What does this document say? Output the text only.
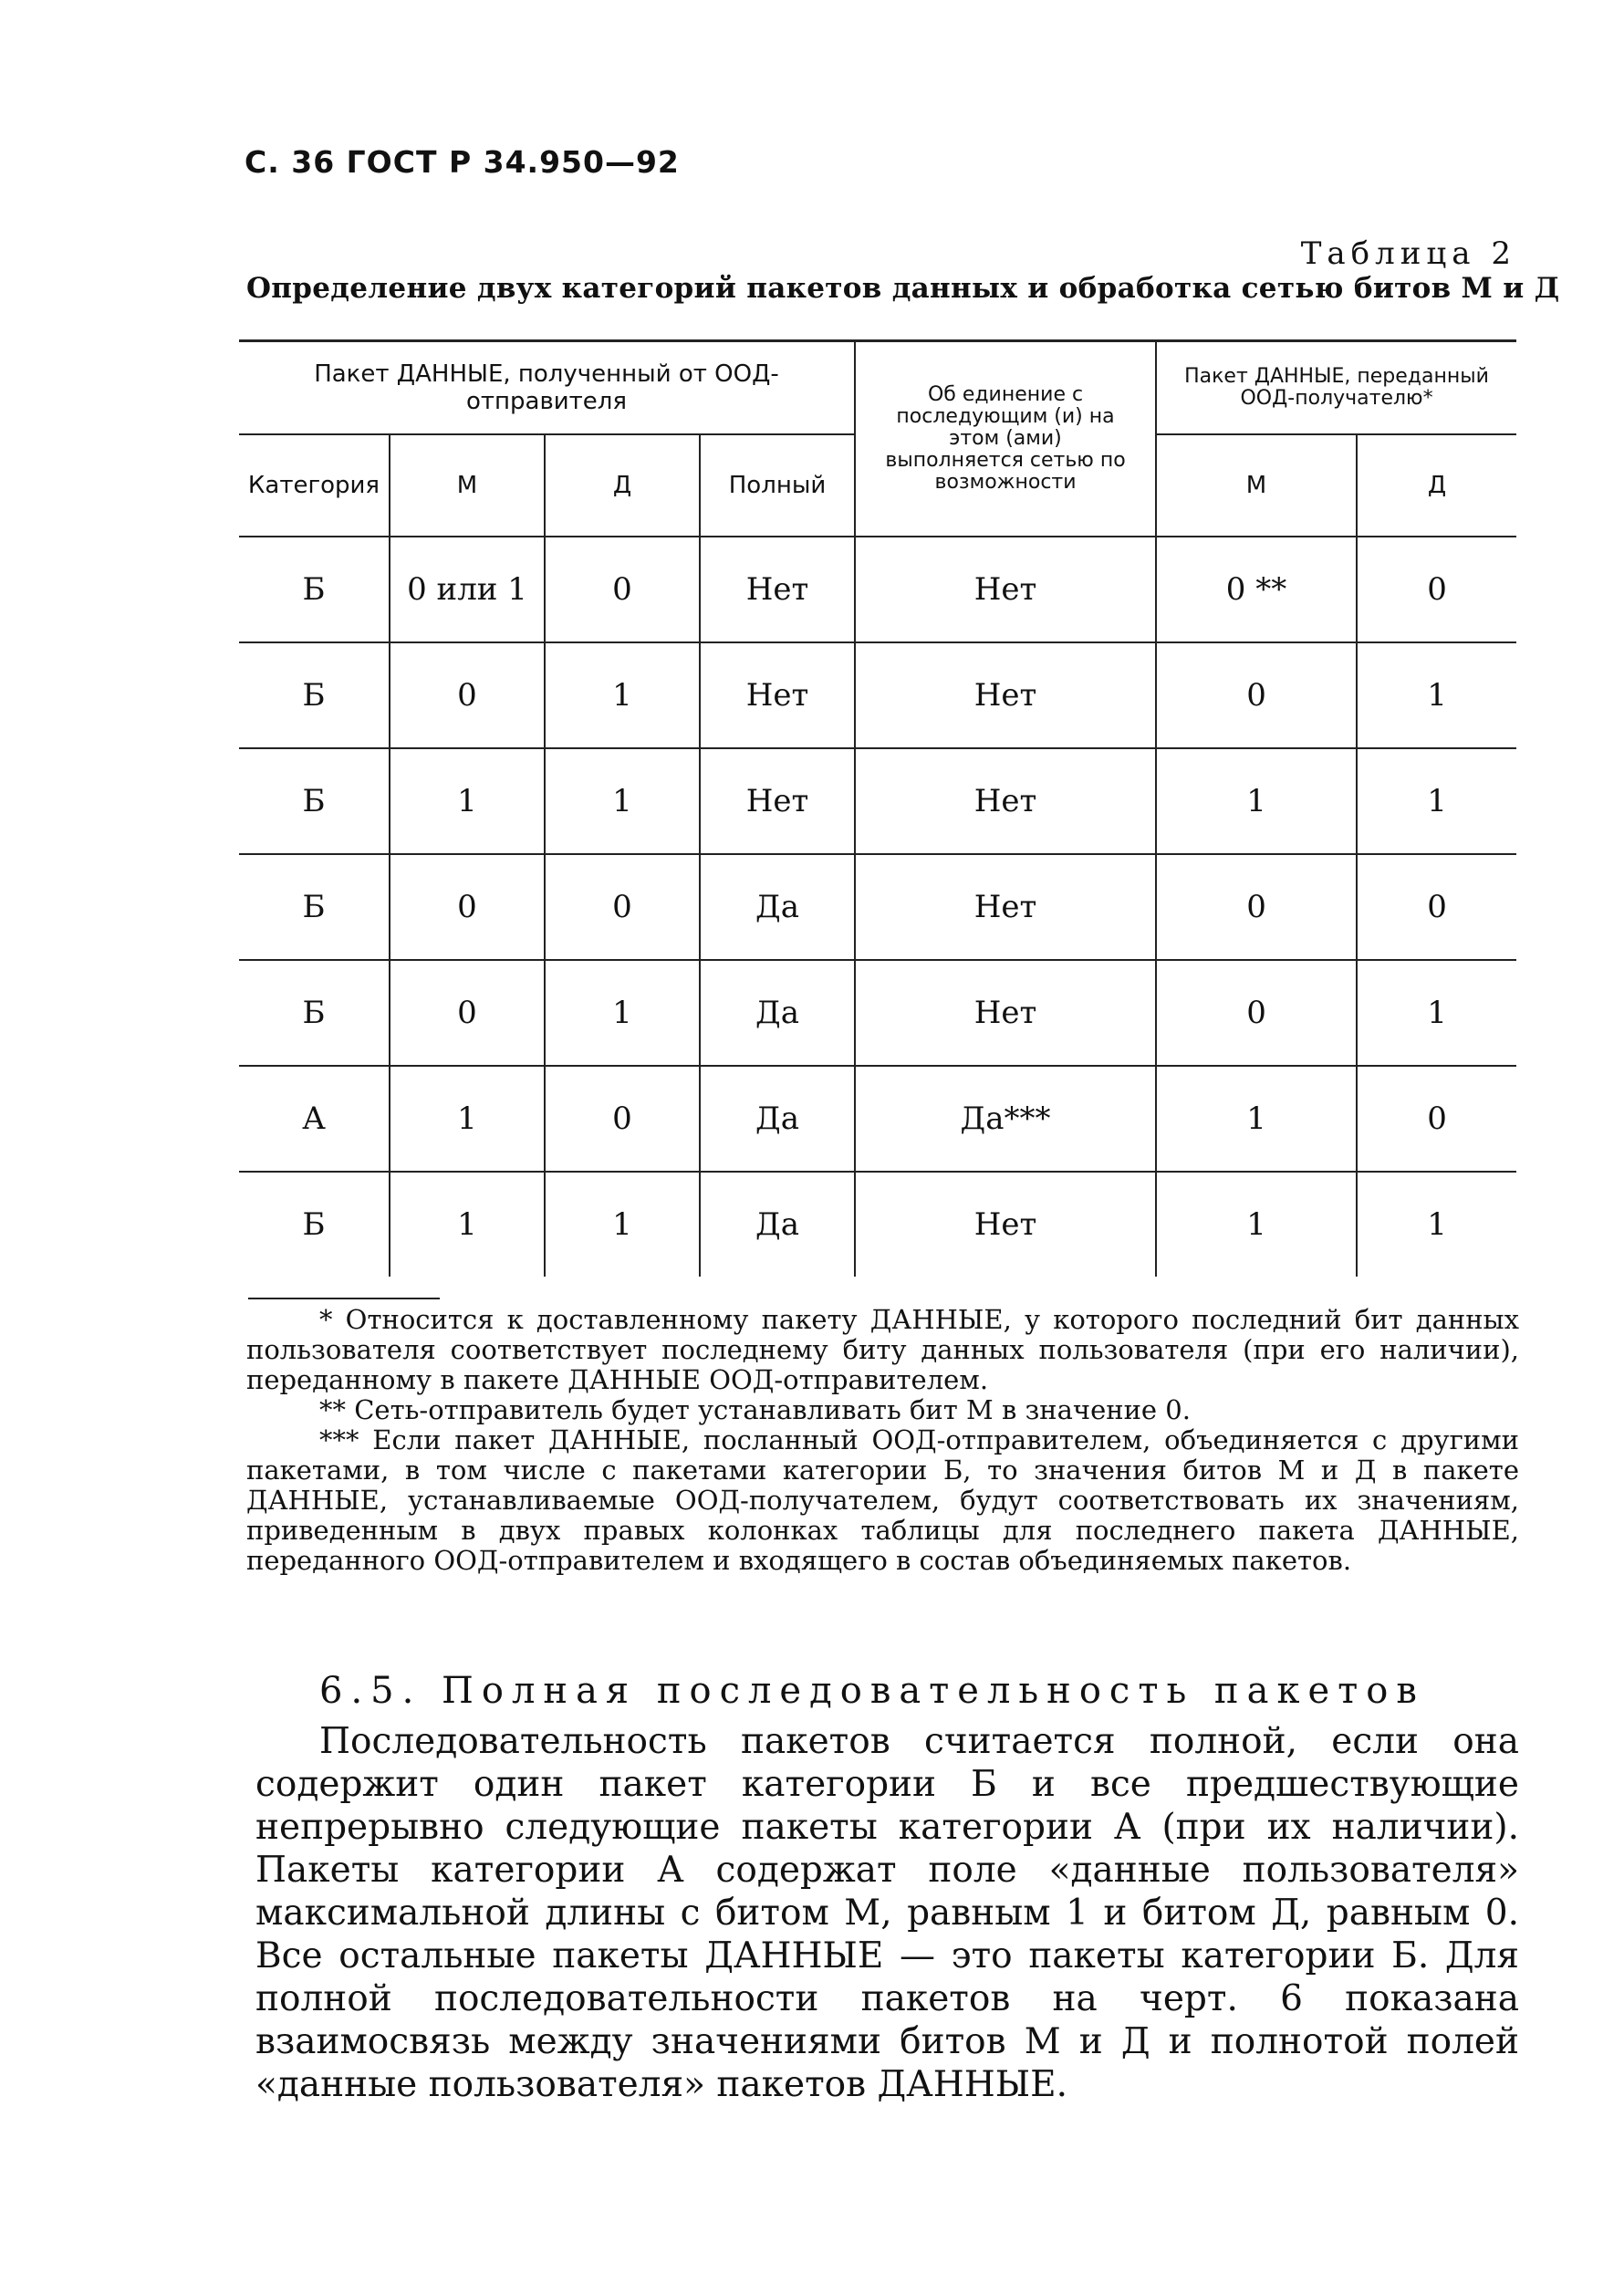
С. 36 ГОСТ Р 34.950—92
Таблица 2
Определение двух категорий пакетов данных и обработка сетью битов М и Д
Пакет ДАННЫЕ, полученный от ООД-отправителя				Об единение с последующим (и) на этом (ами) выполняется сетью по возможности	Пакет ДАННЫЕ, переданный ООД-получателю*	
Категория	М	Д	Полный		М	Д
Б	0 или 1	0	Нет	Нет	0 **	0
Б	0	1	Нет	Нет	0	1
Б	1	1	Нет	Нет	1	1
Б	0	0	Да	Нет	0	0
Б	0	1	Да	Нет	0	1
А	1	0	Да	Да***	1	0
Б	1	1	Да	Нет	1	1

* Относится к доставленному пакету ДАННЫЕ, у которого последний бит данных пользователя соответствует последнему биту данных пользователя (при его наличии), переданному в пакете ДАННЫЕ ООД-отправителем.

** Сеть-отправитель будет устанавливать бит М в значение 0.

*** Если пакет ДАННЫЕ, посланный ООД-отправителем, объединяется с другими пакетами, в том числе с пакетами категории Б, то значения битов М и Д в пакете ДАННЫЕ, устанавливаемые ООД-получателем, будут соответствовать их значениям, приведенным в двух правых колонках таблицы для последнего пакета ДАННЫЕ, переданного ООД-отправителем и входящего в состав объединяемых пакетов.

6.5. Полная последовательность пакетов

Последовательность пакетов считается полной, если она содержит один пакет категории Б и все предшествующие непрерывно следующие пакеты категории А (при их наличии). Пакеты категории А содержат поле «данные пользователя» максимальной длины с битом М, равным 1 и битом Д, равным 0. Все остальные пакеты ДАННЫЕ — это пакеты категории Б. Для полной последовательности пакетов на черт. 6 показана взаимосвязь между значениями битов М и Д и полнотой полей «данные пользователя» пакетов ДАННЫЕ.
